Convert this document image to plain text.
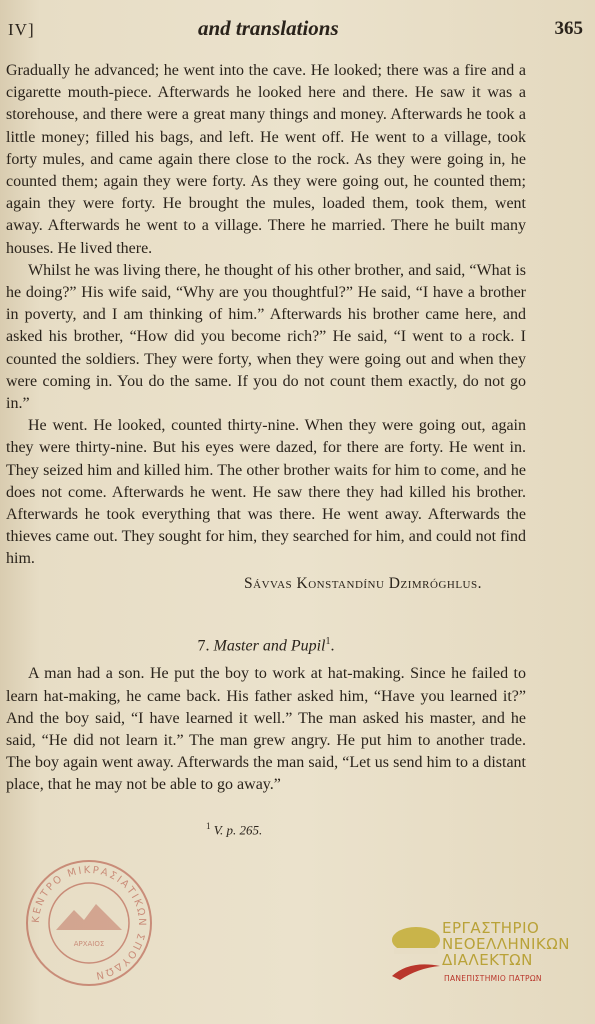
IV]	and translations	365

Gradually he advanced; he went into the cave. He looked; there was a fire and a cigarette mouth-piece. Afterwards he looked here and there. He saw it was a storehouse, and there were a great many things and money. Afterwards he took a little money; filled his bags, and left. He went off. He went to a village, took forty mules, and came again there close to the rock. As they were going in, he counted them; again they were forty. As they were going out, he counted them; again they were forty. He brought the mules, loaded them, took them, went away. Afterwards he went to a village. There he married. There he built many houses. He lived there.

Whilst he was living there, he thought of his other brother, and said, “What is he doing?” His wife said, “Why are you thoughtful?” He said, “I have a brother in poverty, and I am thinking of him.” Afterwards his brother came here, and asked his brother, “How did you become rich?” He said, “I went to a rock. I counted the soldiers. They were forty, when they were going out and when they were coming in. You do the same. If you do not count them exactly, do not go in.”

He went. He looked, counted thirty-nine. When they were going out, again they were thirty-nine. But his eyes were dazed, for there are forty. He went in. They seized him and killed him. The other brother waits for him to come, and he does not come. Afterwards he went. He saw there they had killed his brother. Afterwards he took everything that was there. He went away. Afterwards the thieves came out. They sought for him, they searched for him, and could not find him.

Sávvas Konstandínu Dzimróghlus.
7. Master and Pupil$^1$.

A man had a son. He put the boy to work at hat-making. Since he failed to learn hat-making, he came back. His father asked him, “Have you learned it?” And the boy said, “I have learned it well.” The man asked his master, and he said, “He did not learn it.” The man grew angry. He put him to another trade. The boy again went away. Afterwards the man said, “Let us send him to a distant place, that he may not be able to go away.”

$^1$ V. p. 265.
ΚΕΝΤΡΟ ΜΙΚΡΑΣΙΑΤΙΚΩΝ ΣΠΟΥΔΩΝ
ΑΡΧΑΙΟΣ
ΕΡΓΑΣΤΗΡΙΟ
ΝΕΟΕΛΛΗΝΙΚΩΝ
ΔΙΑΛΕΚΤΩΝ
ΠΑΝΕΠΙΣΤΗΜΙΟ ΠΑΤΡΩΝ
